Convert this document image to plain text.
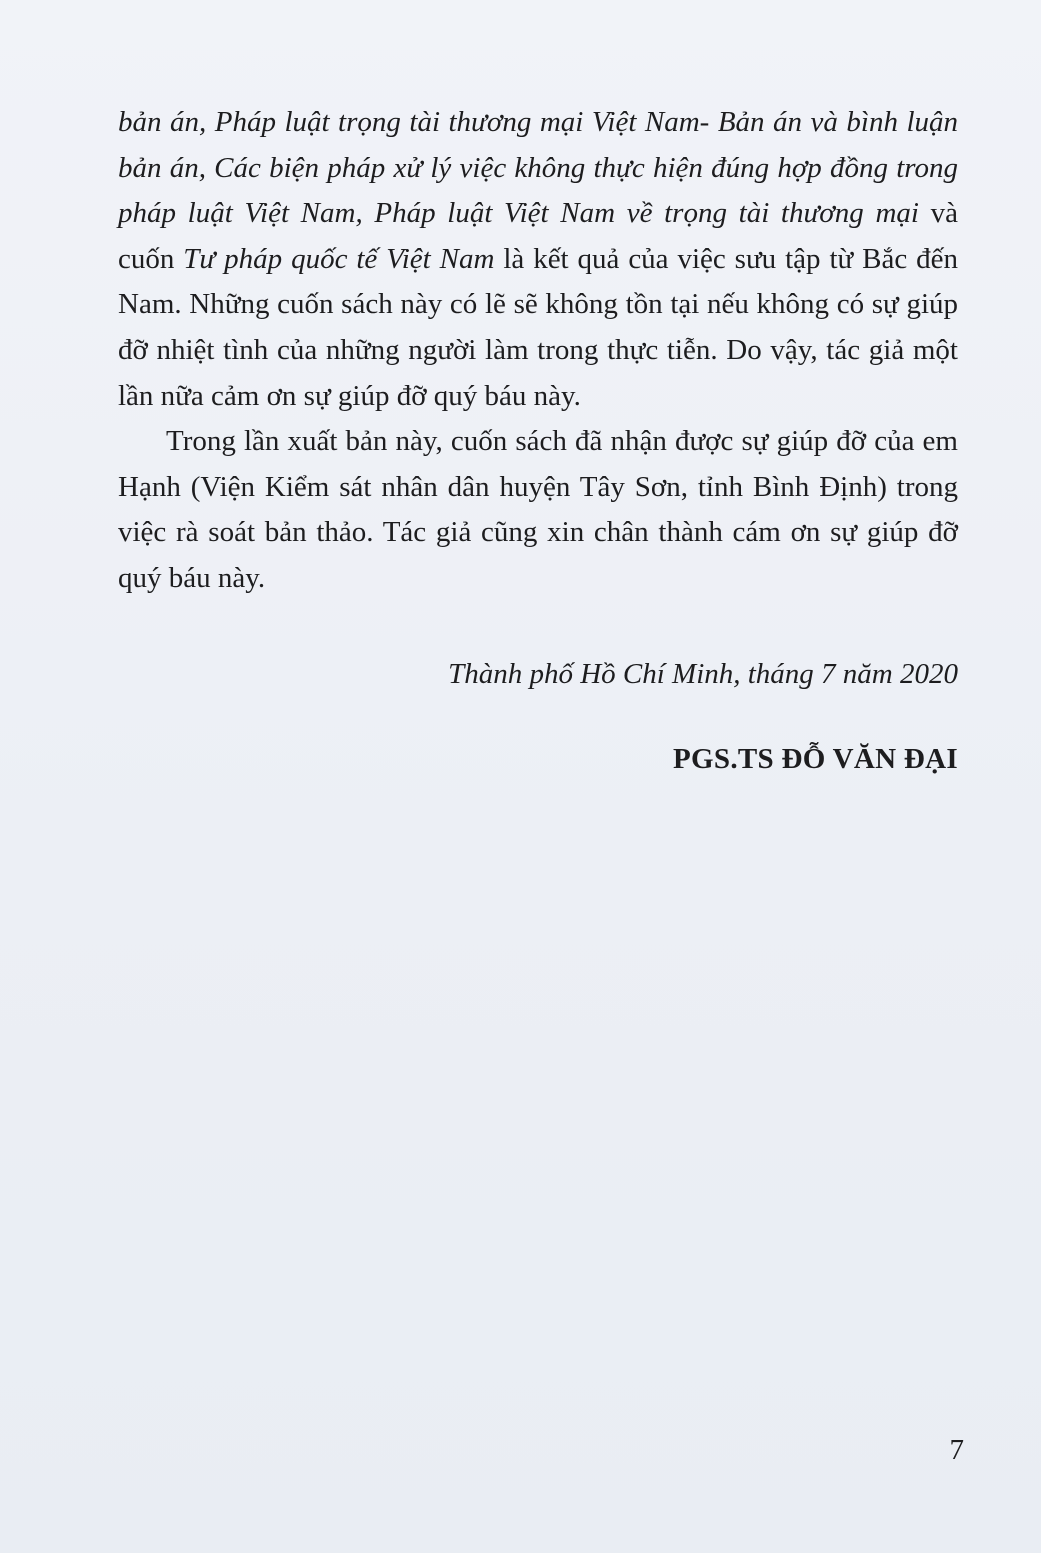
bản án, Pháp luật trọng tài thương mại Việt Nam- Bản án và bình luận bản án, Các biện pháp xử lý việc không thực hiện đúng hợp đồng trong pháp luật Việt Nam, Pháp luật Việt Nam về trọng tài thương mại và cuốn Tư pháp quốc tế Việt Nam là kết quả của việc sưu tập từ Bắc đến Nam. Những cuốn sách này có lẽ sẽ không tồn tại nếu không có sự giúp đỡ nhiệt tình của những người làm trong thực tiễn. Do vậy, tác giả một lần nữa cảm ơn sự giúp đỡ quý báu này.

Trong lần xuất bản này, cuốn sách đã nhận được sự giúp đỡ của em Hạnh (Viện Kiểm sát nhân dân huyện Tây Sơn, tỉnh Bình Định) trong việc rà soát bản thảo. Tác giả cũng xin chân thành cám ơn sự giúp đỡ quý báu này.

Thành phố Hồ Chí Minh, tháng 7 năm 2020
PGS.TS ĐỖ VĂN ĐẠI
7
